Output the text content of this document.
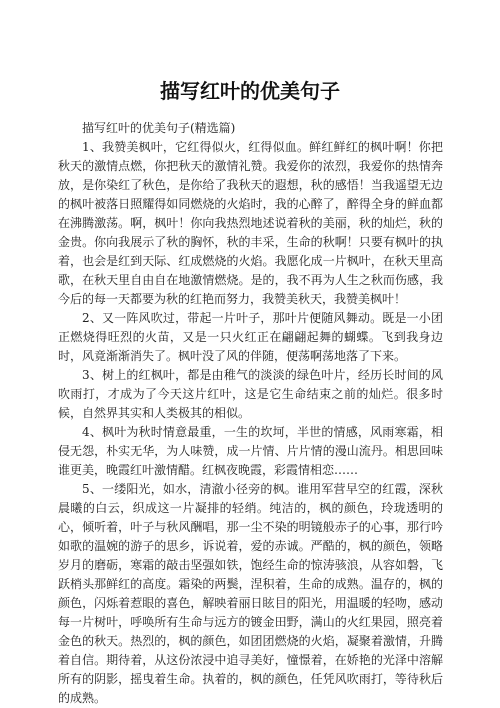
描写红叶的优美句子

描写红叶的优美句子(精选篇)

1、我赞美枫叶，它红得似火，红得似血。鲜红鲜红的枫叶啊！你把秋天的激情点燃，你把秋天的激情礼赞。我爱你的浓烈，我爱你的热情奔放，是你染红了秋色，是你给了我秋天的遐想，秋的感悟！当我遥望无边的枫叶被落日照耀得如同燃烧的火焰时，我的心醉了，醉得全身的鲜血都在沸腾激荡。啊，枫叶！你向我热烈地述说着秋的美丽，秋的灿烂，秋的金贵。你向我展示了秋的胸怀，秋的丰采，生命的秋啊！只要有枫叶的执着，也会是红到天际、红成燃烧的火焰。我愿化成一片枫叶，在秋天里高歌，在秋天里自由自在地激情燃烧。是的，我不再为人生之秋而伤感，我今后的每一天都要为秋的红艳而努力，我赞美秋天，我赞美枫叶！

2、又一阵风吹过，带起一片叶子，那叶片便随风舞动。既是一小团正燃烧得旺烈的火苗，又是一只火红正在翩翩起舞的蝴蝶。飞到我身边时，风竟渐渐消失了。枫叶没了风的伴随，便荡啊荡地落了下来。

3、树上的红枫叶，都是由稚气的淡淡的绿色叶片，经历长时间的风吹雨打，才成为了今天这片红叶，这是它生命结束之前的灿烂。很多时候，自然界其实和人类极其的相似。

4、枫叶为秋时情意最重，一生的坎坷，半世的情感，风雨寒霜，相侵无怨，朴实无华，为人味赞，成一片情、片片情的漫山流丹。相思回味谁更美，晚霞红叶激情醋。红枫夜晚霞，彩霞情相恋……

5、一缕阳光，如水，清澈小径旁的枫。谁用军营早空的红霞，深秋晨曦的白云，织成这一片凝排的轻绡。纯洁的，枫的颜色，玲珑透明的心，倾听着，叶子与秋风酬唱，那一尘不染的明镜般赤子的心事，那行吟如歌的温婉的游子的思乡，诉说着，爱的赤诚。严酷的，枫的颜色，领略岁月的磨砺，寒霜的敲击坚强如铁，饱经生命的惊涛骇浪，从容如磐，飞跃梢头那鲜红的高度。霜染的两鬓，涅积着，生命的成熟。温存的，枫的颜色，闪烁着惹眼的喜色，解映着丽日眩目的阳光，用温暖的轻吻，感动每一片树叶，呼唤所有生命与远方的镀金田野，满山的火红果园，照亮着金色的秋天。热烈的，枫的颜色，如团团燃烧的火焰，凝聚着激情，升腾着自信。期待着，从这份浓浸中追寻美好，憧憬着，在娇艳的光泽中溶解所有的阴影，摇曳着生命。执着的，枫的颜色，任凭风吹雨打，等待秋后的成熟。
